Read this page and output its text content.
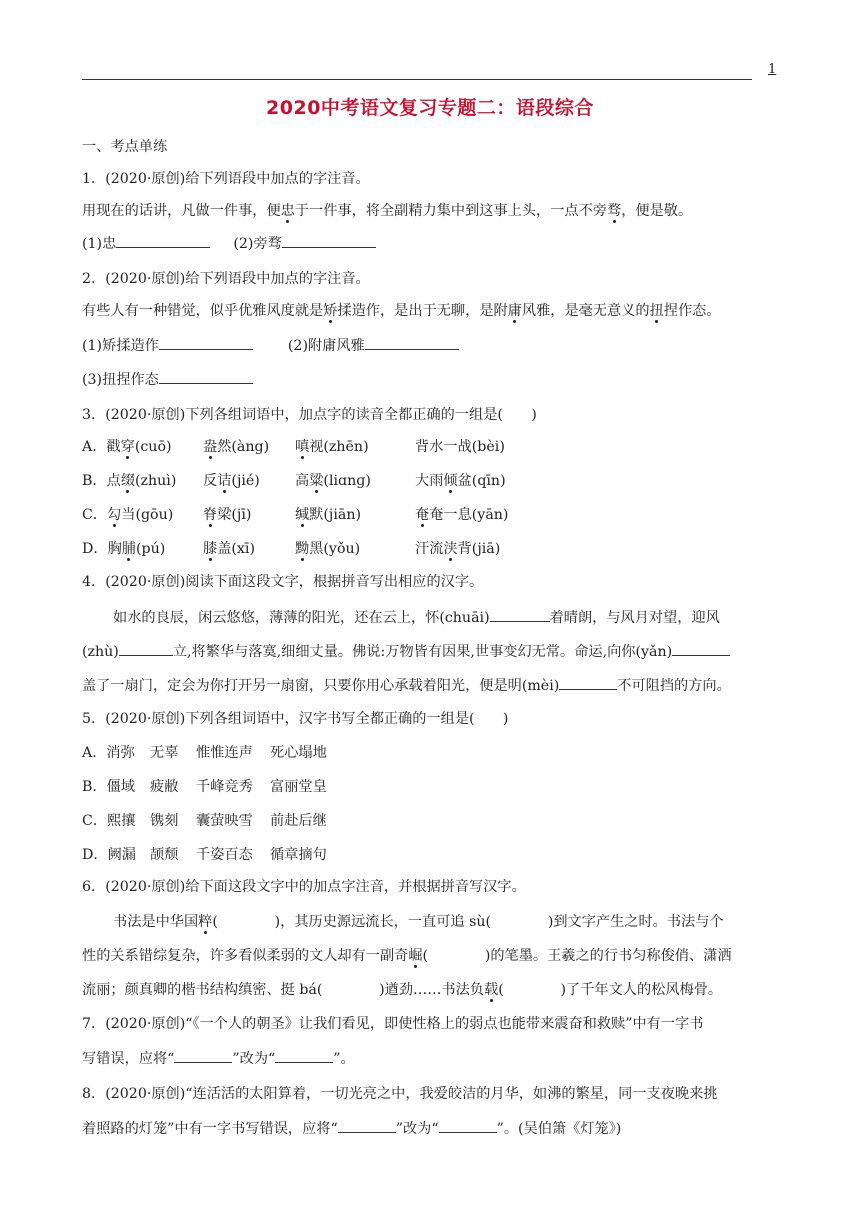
1
2020中考语文复习专题二：语段综合
一、考点单练
1．(2020·原创)给下列语段中加点的字注音。
用现在的话讲，凡做一件事，便忠于一件事，将全副精力集中到这事上头，一点不旁骛，便是敬。
(1)忠	(2)旁骛
2．(2020·原创)给下列语段中加点的字注音。
有些人有一种错觉，似乎优雅风度就是矫揉造作，是出于无聊，是附庸风雅，是毫无意义的扭捏作态。
(1)矫揉造作	(2)附庸风雅
(3)扭捏作态
3．(2020·原创)下列各组词语中，加点字的读音全都正确的一组是(　　)
A．戳穿(cuō) 盎然(àng) 嗔视(zhēn)	背水一战(bèi)
B．点缀(zhuì) 反诘(jié) 高粱(liɑnɡ)	大雨倾盆(qīn)
C．勾当(gōu) 脊梁(jī)	缄默(jiān)	奄奄一息(yān)
D．胸脯(pú)	膝盖(xī)	黝黑(yǒu)	汗流浃背(jiā)
4．(2020·原创)阅读下面这段文字，根据拼音写出相应的汉字。
如水的良辰，闲云悠悠，薄薄的阳光，还在云上，怀(chuāi)	着晴朗，与风月对望，迎风
(zhù)	立,将繁华与落寞,细细丈量。佛说:万物皆有因果,世事变幻无常。命运,向你(yǎn)
盖了一扇门，定会为你打开另一扇窗，只要你用心承载着阳光，便是明(mèi)	不可阻挡的方向。
5．(2020·原创)下列各组词语中，汉字书写全都正确的一组是(　　)
A．消弥 无辜 惟惟连声 死心塌地
B．僵域 疲敝 千峰竞秀 富丽堂皇
C．熙攘 镌刻 囊萤映雪 前赴后继
D．阙漏 颉颓 千姿百态 循章摘句
6．(2020·原创)给下面这段文字中的加点字注音，并根据拼音写汉字。
书法是中华国粹(　　　　)，其历史源远流长，一直可追 sù(　　　　)到文字产生之时。书法与个
性的关系错综复杂，许多看似柔弱的文人却有一副奇崛(　　　　)的笔墨。王羲之的行书匀称俊俏、潇洒
流丽；颜真卿的楷书结构缜密、挺 bá(　　　　)遒劲……书法负载(　　　　)了千年文人的松风梅骨。
7．(2020·原创)“《一个人的朝圣》让我们看见，即使性格上的弱点也能带来震奋和救赎”中有一字书
写错误，应将“	”改为“	”。
8．(2020·原创)“连活活的太阳算着，一切光亮之中，我爱皎洁的月华，如沸的繁星，同一支夜晚来挑
着照路的灯笼”中有一字书写错误，应将“	”改为“	”。(吴伯箫《灯笼》)
